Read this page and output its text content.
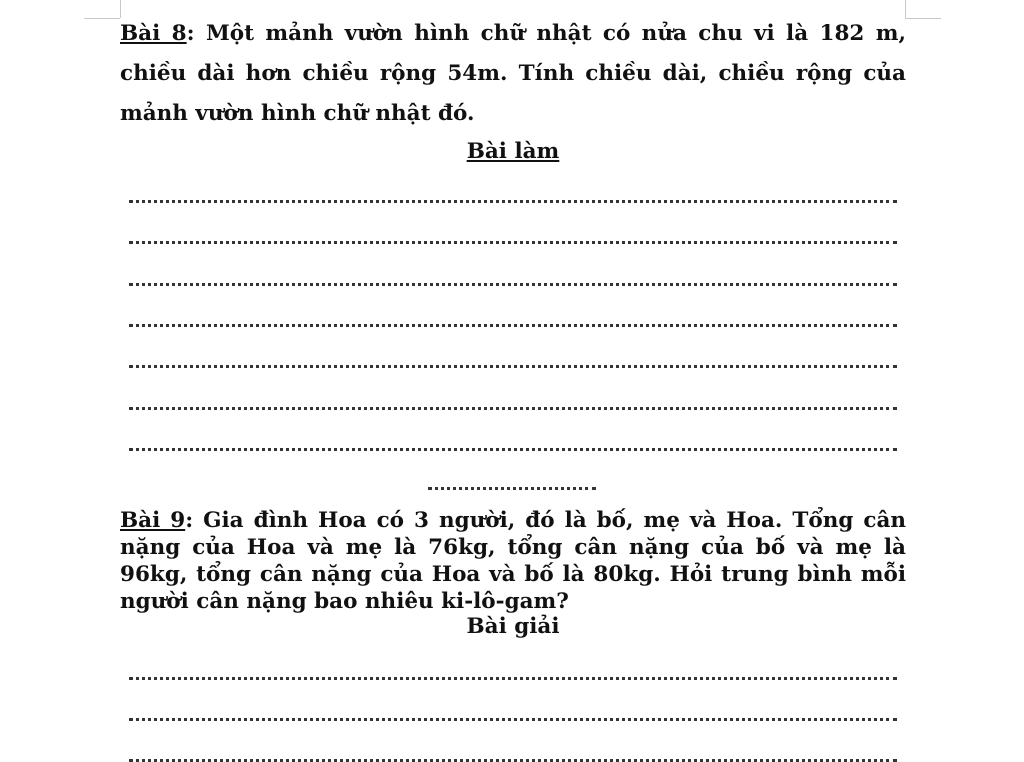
Bài 8: Một mảnh vườn hình chữ nhật có nửa chu vi là 182 m, chiều dài hơn chiều rộng 54m. Tính chiều dài, chiều rộng của mảnh vườn hình chữ nhật đó.

Bài làm

Bài 9: Gia đình Hoa có 3 người, đó là bố, mẹ và Hoa. Tổng cân nặng của Hoa và mẹ là 76kg, tổng cân nặng của bố và mẹ là 96kg, tổng cân nặng của Hoa và bố là 80kg. Hỏi trung bình mỗi người cân nặng bao nhiêu ki-lô-gam?

Bài giải
